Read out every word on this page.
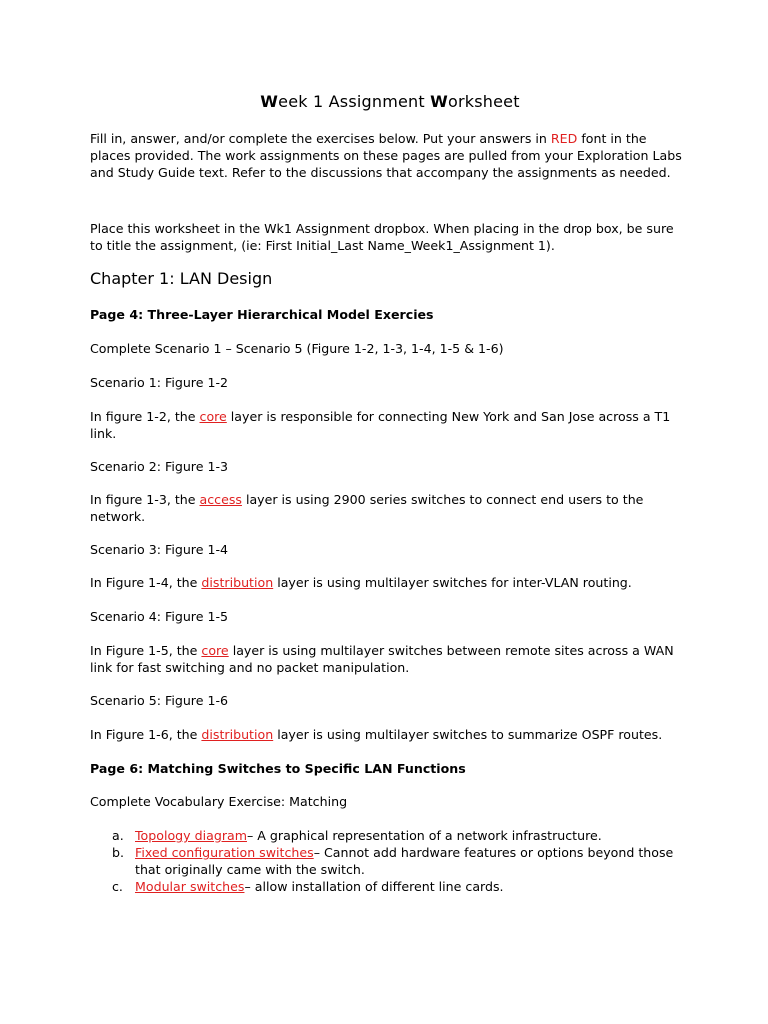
Week 1 Assignment Worksheet

Fill in, answer, and/or complete the exercises below. Put your answers in RED font in the places provided. The work assignments on these pages are pulled from your Exploration Labs and Study Guide text. Refer to the discussions that accompany the assignments as needed.

Place this worksheet in the Wk1 Assignment dropbox. When placing in the drop box, be sure to title the assignment, (ie: First Initial_Last Name_Week1_Assignment 1).

Chapter 1: LAN Design
Page 4: Three-Layer Hierarchical Model Exercies

Complete Scenario 1 – Scenario 5 (Figure 1-2, 1-3, 1-4, 1-5 & 1-6)

Scenario 1: Figure 1-2

In figure 1-2, the core layer is responsible for connecting New York and San Jose across a T1 link.

Scenario 2: Figure 1-3

In figure 1-3, the access layer is using 2900 series switches to connect end users to the network.

Scenario 3: Figure 1-4

In Figure 1-4, the distribution layer is using multilayer switches for inter-VLAN routing.

Scenario 4: Figure 1-5

In Figure 1-5, the core layer is using multilayer switches between remote sites across a WAN link for fast switching and no packet manipulation.

Scenario 5: Figure 1-6

In Figure 1-6, the distribution layer is using multilayer switches to summarize OSPF routes.

Page 6: Matching Switches to Specific LAN Functions

Complete Vocabulary Exercise: Matching

a. Topology diagram– A graphical representation of a network infrastructure.
b. Fixed configuration switches– Cannot add hardware features or options beyond those that originally came with the switch.
c. Modular switches– allow installation of different line cards.
